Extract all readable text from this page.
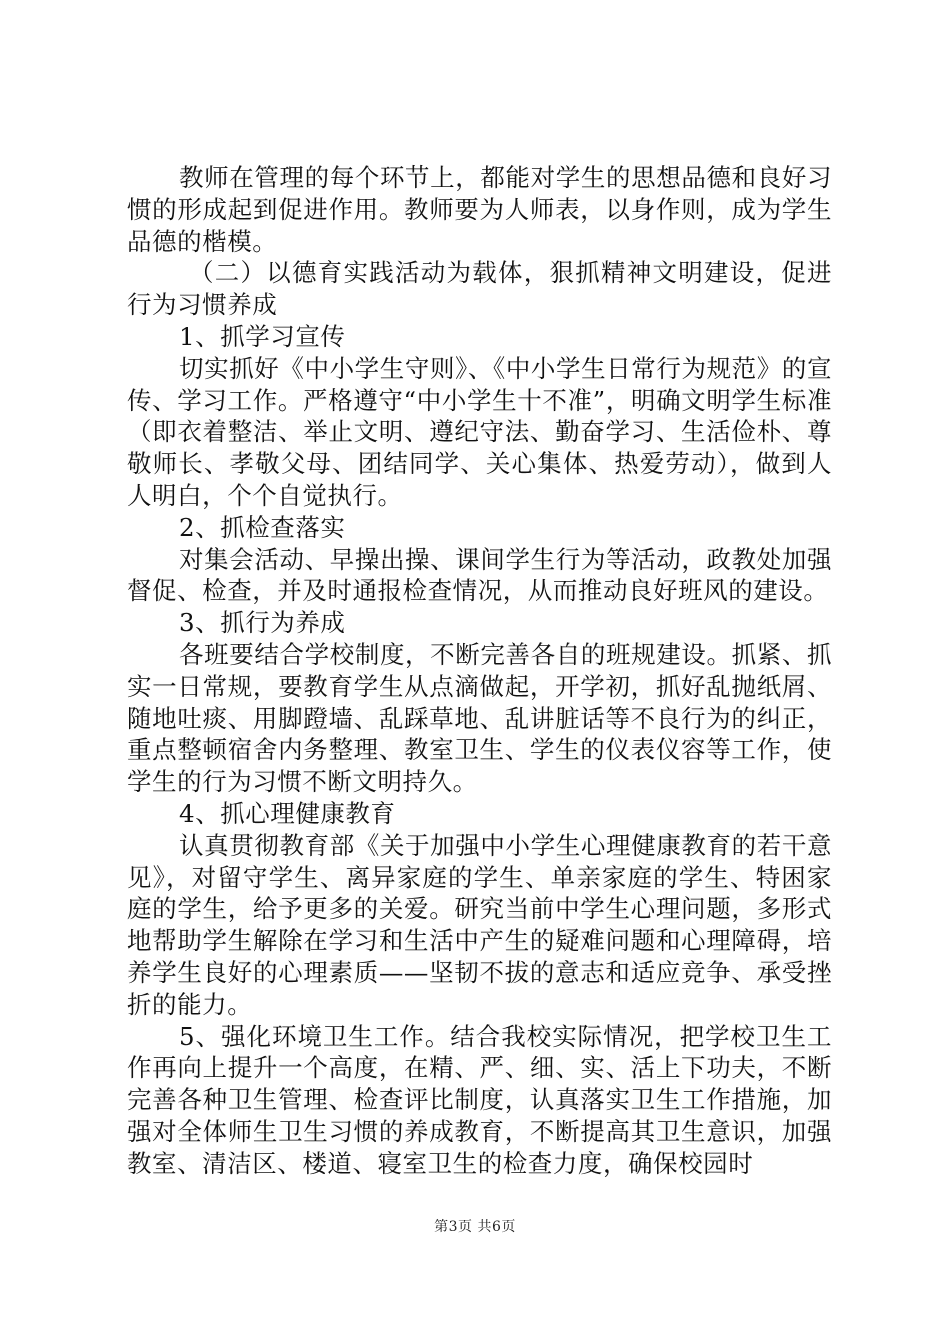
教师在管理的每个环节上，都能对学生的思想品德和良好习惯的形成起到促进作用。教师要为人师表，以身作则，成为学生品德的楷模。

（二）以德育实践活动为载体，狠抓精神文明建设，促进行为习惯养成

1、抓学习宣传

切实抓好《中小学生守则》、《中小学生日常行为规范》的宣传、学习工作。严格遵守“中小学生十不准”，明确文明学生标准（即衣着整洁、举止文明、遵纪守法、勤奋学习、生活俭朴、尊敬师长、孝敬父母、团结同学、关心集体、热爱劳动），做到人人明白，个个自觉执行。

2、抓检查落实

对集会活动、早操出操、课间学生行为等活动，政教处加强督促、检查，并及时通报检查情况，从而推动良好班风的建设。

3、抓行为养成

各班要结合学校制度，不断完善各自的班规建设。抓紧、抓实一日常规，要教育学生从点滴做起，开学初，抓好乱抛纸屑、随地吐痰、用脚蹬墙、乱踩草地、乱讲脏话等不良行为的纠正，重点整顿宿舍内务整理、教室卫生、学生的仪表仪容等工作，使学生的行为习惯不断文明持久。

4、抓心理健康教育

认真贯彻教育部《关于加强中小学生心理健康教育的若干意见》，对留守学生、离异家庭的学生、单亲家庭的学生、特困家庭的学生，给予更多的关爱。研究当前中学生心理问题，多形式地帮助学生解除在学习和生活中产生的疑难问题和心理障碍，培养学生良好的心理素质——坚韧不拔的意志和适应竞争、承受挫折的能力。

5、强化环境卫生工作。结合我校实际情况，把学校卫生工作再向上提升一个高度，在精、严、细、实、活上下功夫，不断完善各种卫生管理、检查评比制度，认真落实卫生工作措施，加强对全体师生卫生习惯的养成教育，不断提高其卫生意识，加强教室、清洁区、楼道、寝室卫生的检查力度，确保校园时

第3页 共6页
